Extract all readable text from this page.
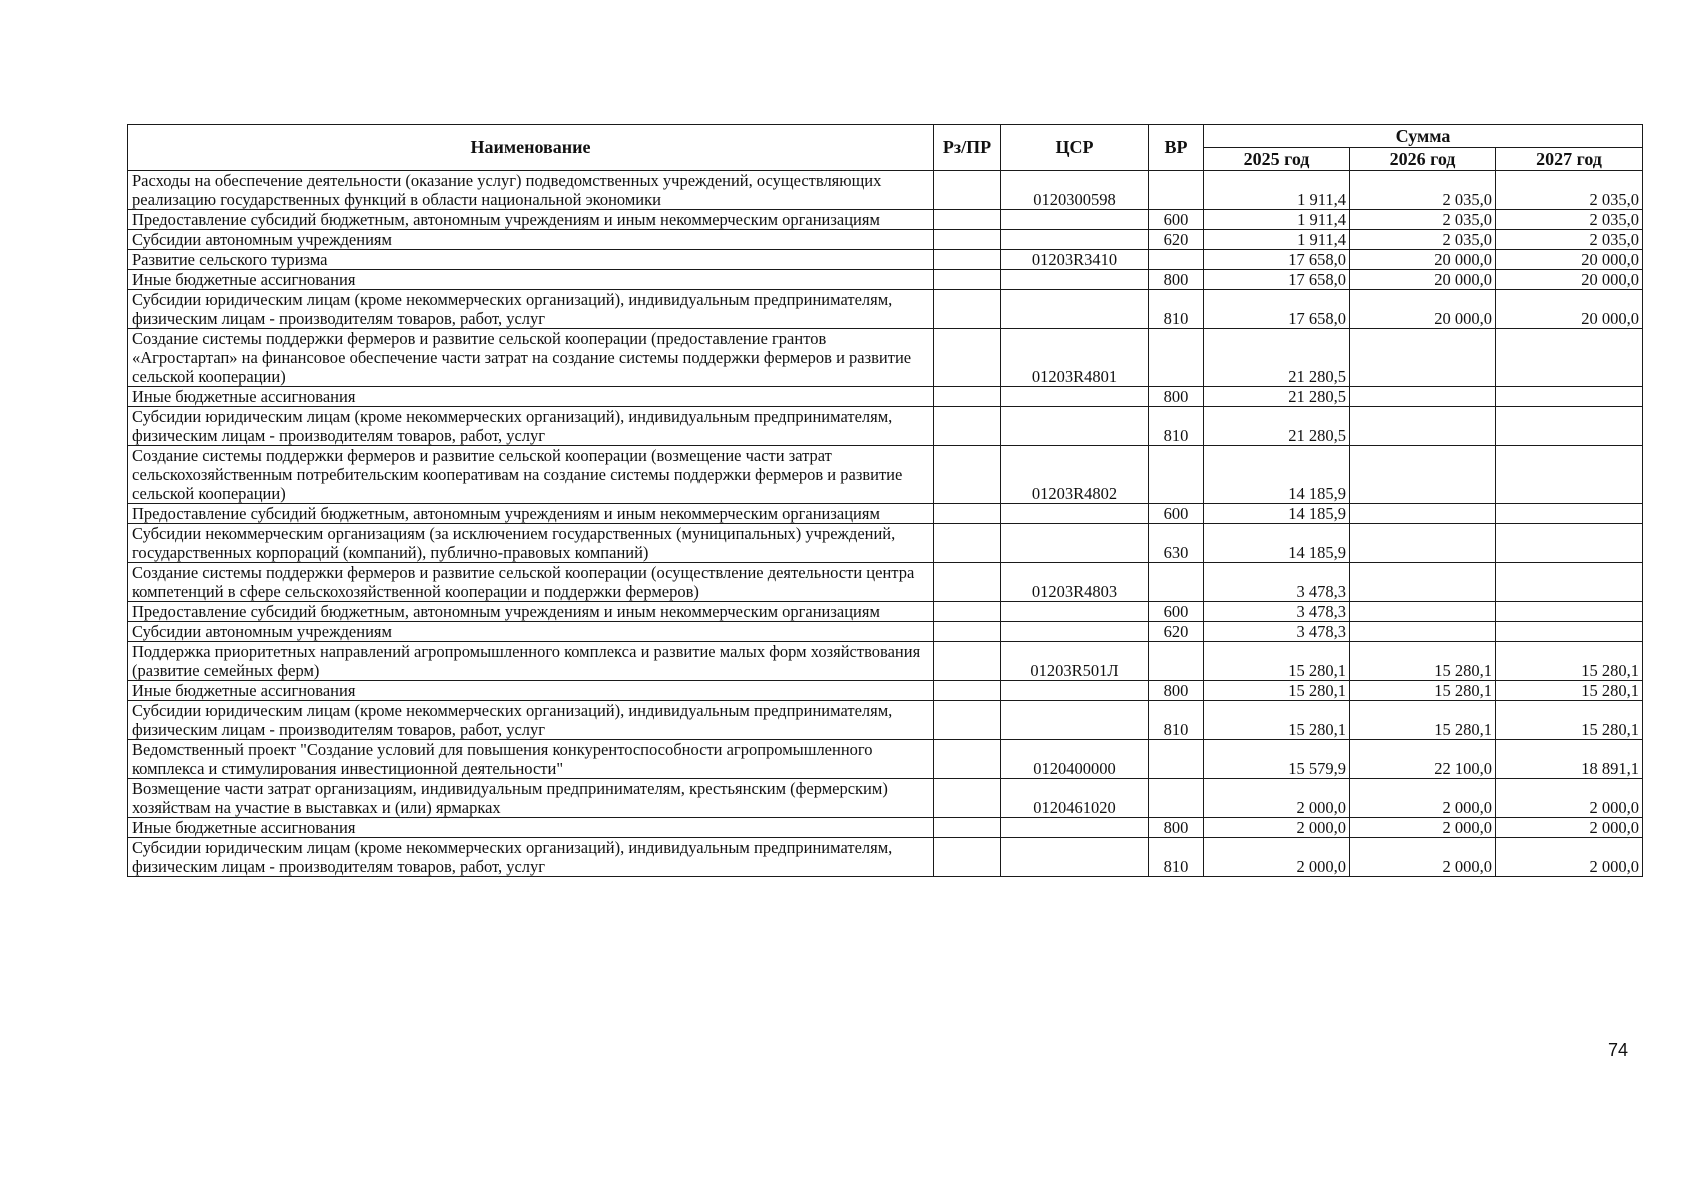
Наименование	Рз/ПР	ЦСР	ВР	Сумма		
				2025 год	2026 год	2027 год
Расходы на обеспечение деятельности (оказание услуг) подведомственных учреждений, осуществляющих реализацию государственных функций в области национальной экономики		0120300598		1 911,4	2 035,0	2 035,0
Предоставление субсидий бюджетным, автономным учреждениям и иным некоммерческим организациям			600	1 911,4	2 035,0	2 035,0
Субсидии автономным учреждениям			620	1 911,4	2 035,0	2 035,0
Развитие сельского туризма		01203R3410		17 658,0	20 000,0	20 000,0
Иные бюджетные ассигнования			800	17 658,0	20 000,0	20 000,0
Субсидии юридическим лицам (кроме некоммерческих организаций), индивидуальным предпринимателям, физическим лицам - производителям товаров, работ, услуг			810	17 658,0	20 000,0	20 000,0
Создание системы поддержки фермеров и развитие сельской кооперации (предоставление грантов «Агростартап» на финансовое обеспечение части затрат на создание системы поддержки фермеров и развитие сельской кооперации)		01203R4801		21 280,5		
Иные бюджетные ассигнования			800	21 280,5		
Субсидии юридическим лицам (кроме некоммерческих организаций), индивидуальным предпринимателям, физическим лицам - производителям товаров, работ, услуг			810	21 280,5		
Создание системы поддержки фермеров и развитие сельской кооперации (возмещение части затрат сельскохозяйственным потребительским кооперативам на создание системы поддержки фермеров и развитие сельской кооперации)		01203R4802		14 185,9		
Предоставление субсидий бюджетным, автономным учреждениям и иным некоммерческим организациям			600	14 185,9		
Субсидии некоммерческим организациям (за исключением государственных (муниципальных) учреждений, государственных корпораций (компаний), публично-правовых компаний)			630	14 185,9		
Создание системы поддержки фермеров и развитие сельской кооперации (осуществление деятельности центра компетенций в сфере сельскохозяйственной кооперации и поддержки фермеров)		01203R4803		3 478,3		
Предоставление субсидий бюджетным, автономным учреждениям и иным некоммерческим организациям			600	3 478,3		
Субсидии автономным учреждениям			620	3 478,3		
Поддержка приоритетных направлений агропромышленного комплекса и развитие малых форм хозяйствования (развитие семейных ферм)		01203R501Л		15 280,1	15 280,1	15 280,1
Иные бюджетные ассигнования			800	15 280,1	15 280,1	15 280,1
Субсидии юридическим лицам (кроме некоммерческих организаций), индивидуальным предпринимателям, физическим лицам - производителям товаров, работ, услуг			810	15 280,1	15 280,1	15 280,1
Ведомственный проект "Создание условий для повышения конкурентоспособности агропромышленного комплекса и стимулирования инвестиционной деятельности"		0120400000		15 579,9	22 100,0	18 891,1
Возмещение части затрат организациям, индивидуальным предпринимателям, крестьянским (фермерским) хозяйствам на участие в выставках и (или) ярмарках		0120461020		2 000,0	2 000,0	2 000,0
Иные бюджетные ассигнования			800	2 000,0	2 000,0	2 000,0
Субсидии юридическим лицам (кроме некоммерческих организаций), индивидуальным предпринимателям, физическим лицам - производителям товаров, работ, услуг			810	2 000,0	2 000,0	2 000,0
74
